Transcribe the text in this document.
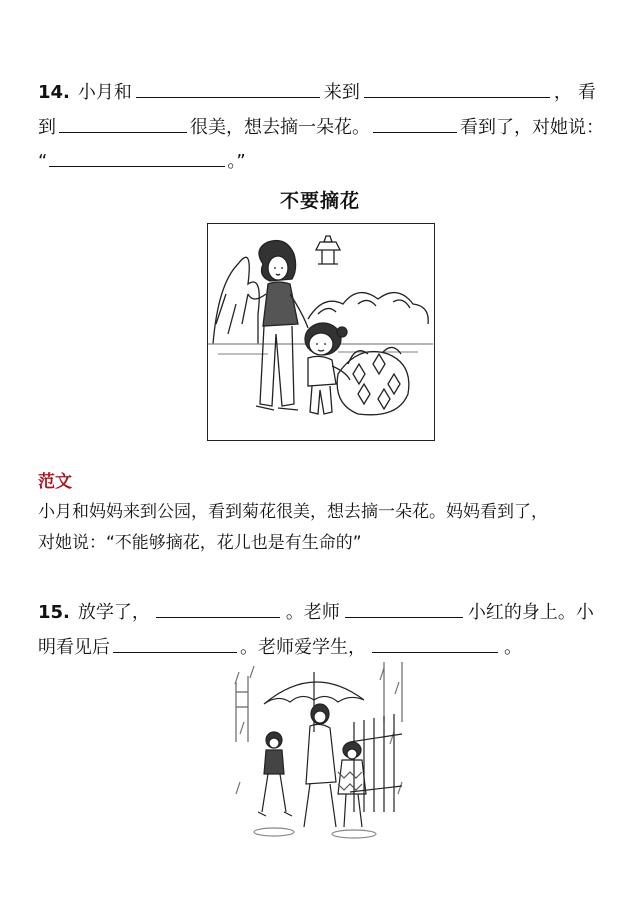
14. 小月和	来到	，看
到	很美，想去摘一朵花。	看到了，对她说：
“	。”
不要摘花
范文
小月和妈妈来到公园，看到菊花很美，想去摘一朵花。妈妈看到了，
对她说：“不能够摘花，花儿也是有生命的”
15. 放学了，	。老师	小红的身上。小
明看见后	。老师爱学生，	。
